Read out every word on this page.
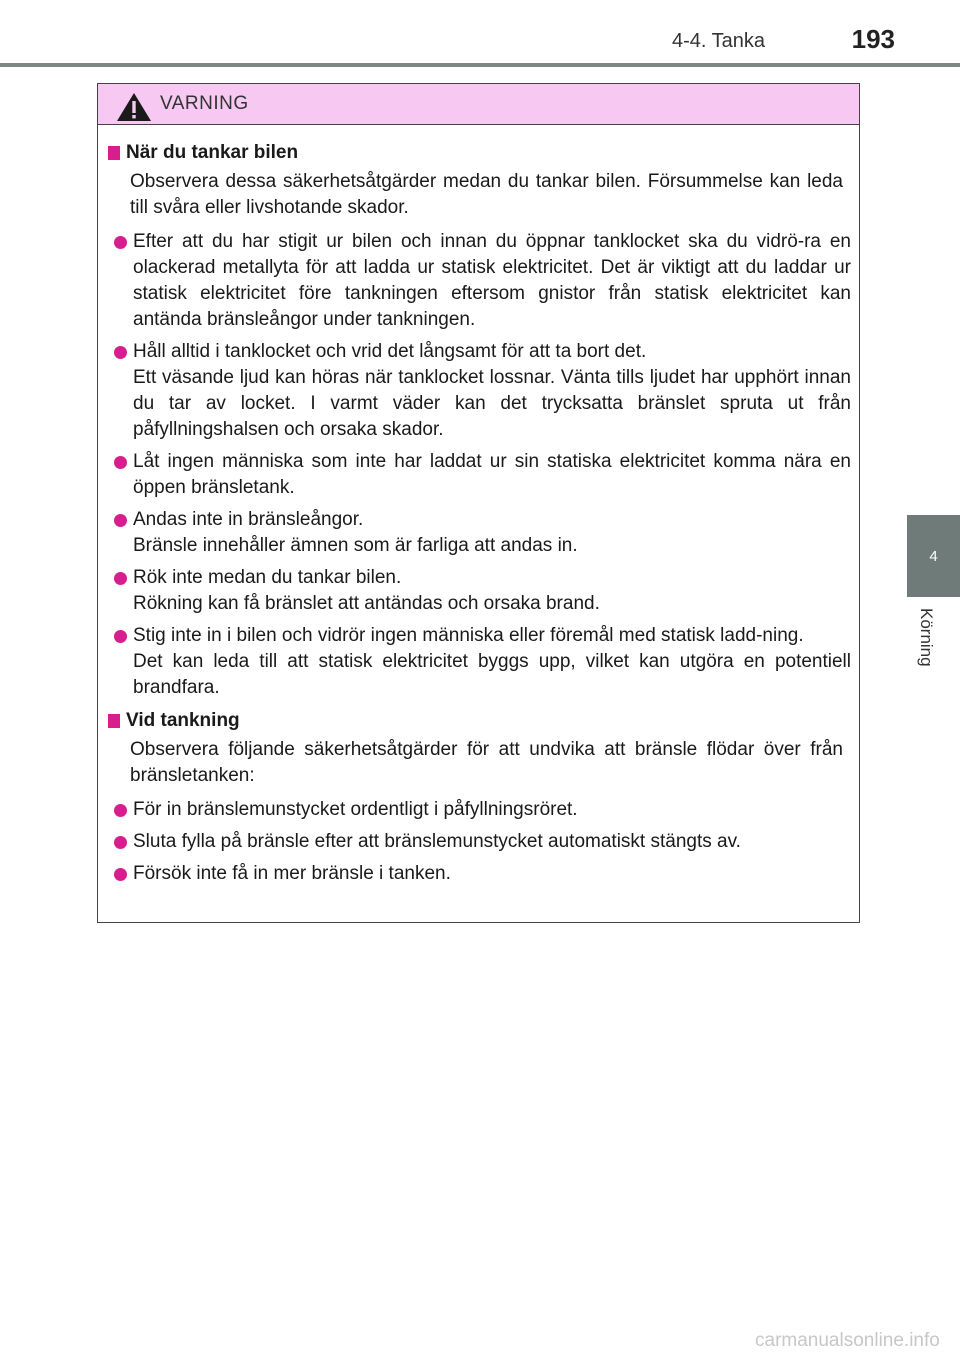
4-4. Tanka	193
4
Körning
VARNING
När du tankar bilen
Observera dessa säkerhetsåtgärder medan du tankar bilen. Försummelse kan leda till svåra eller livshotande skador.
Efter att du har stigit ur bilen och innan du öppnar tanklocket ska du vidrö-ra en olackerad metallyta för att ladda ur statisk elektricitet. Det är viktigt att du laddar ur statisk elektricitet före tankningen eftersom gnistor från statisk elektricitet kan antända bränsleångor under tankningen.
Håll alltid i tanklocket och vrid det långsamt för att ta bort det.
Ett väsande ljud kan höras när tanklocket lossnar. Vänta tills ljudet har upphört innan du tar av locket. I varmt väder kan det trycksatta bränslet spruta ut från påfyllningshalsen och orsaka skador.
Låt ingen människa som inte har laddat ur sin statiska elektricitet komma nära en öppen bränsletank.
Andas inte in bränsleångor.
Bränsle innehåller ämnen som är farliga att andas in.
Rök inte medan du tankar bilen.
Rökning kan få bränslet att antändas och orsaka brand.
Stig inte in i bilen och vidrör ingen människa eller föremål med statisk ladd-ning.
Det kan leda till att statisk elektricitet byggs upp, vilket kan utgöra en potentiell brandfara.
Vid tankning
Observera följande säkerhetsåtgärder för att undvika att bränsle flödar över från bränsletanken:
För in bränslemunstycket ordentligt i påfyllningsröret.
Sluta fylla på bränsle efter att bränslemunstycket automatiskt stängts av.
Försök inte få in mer bränsle i tanken.
carmanualsonline.info
